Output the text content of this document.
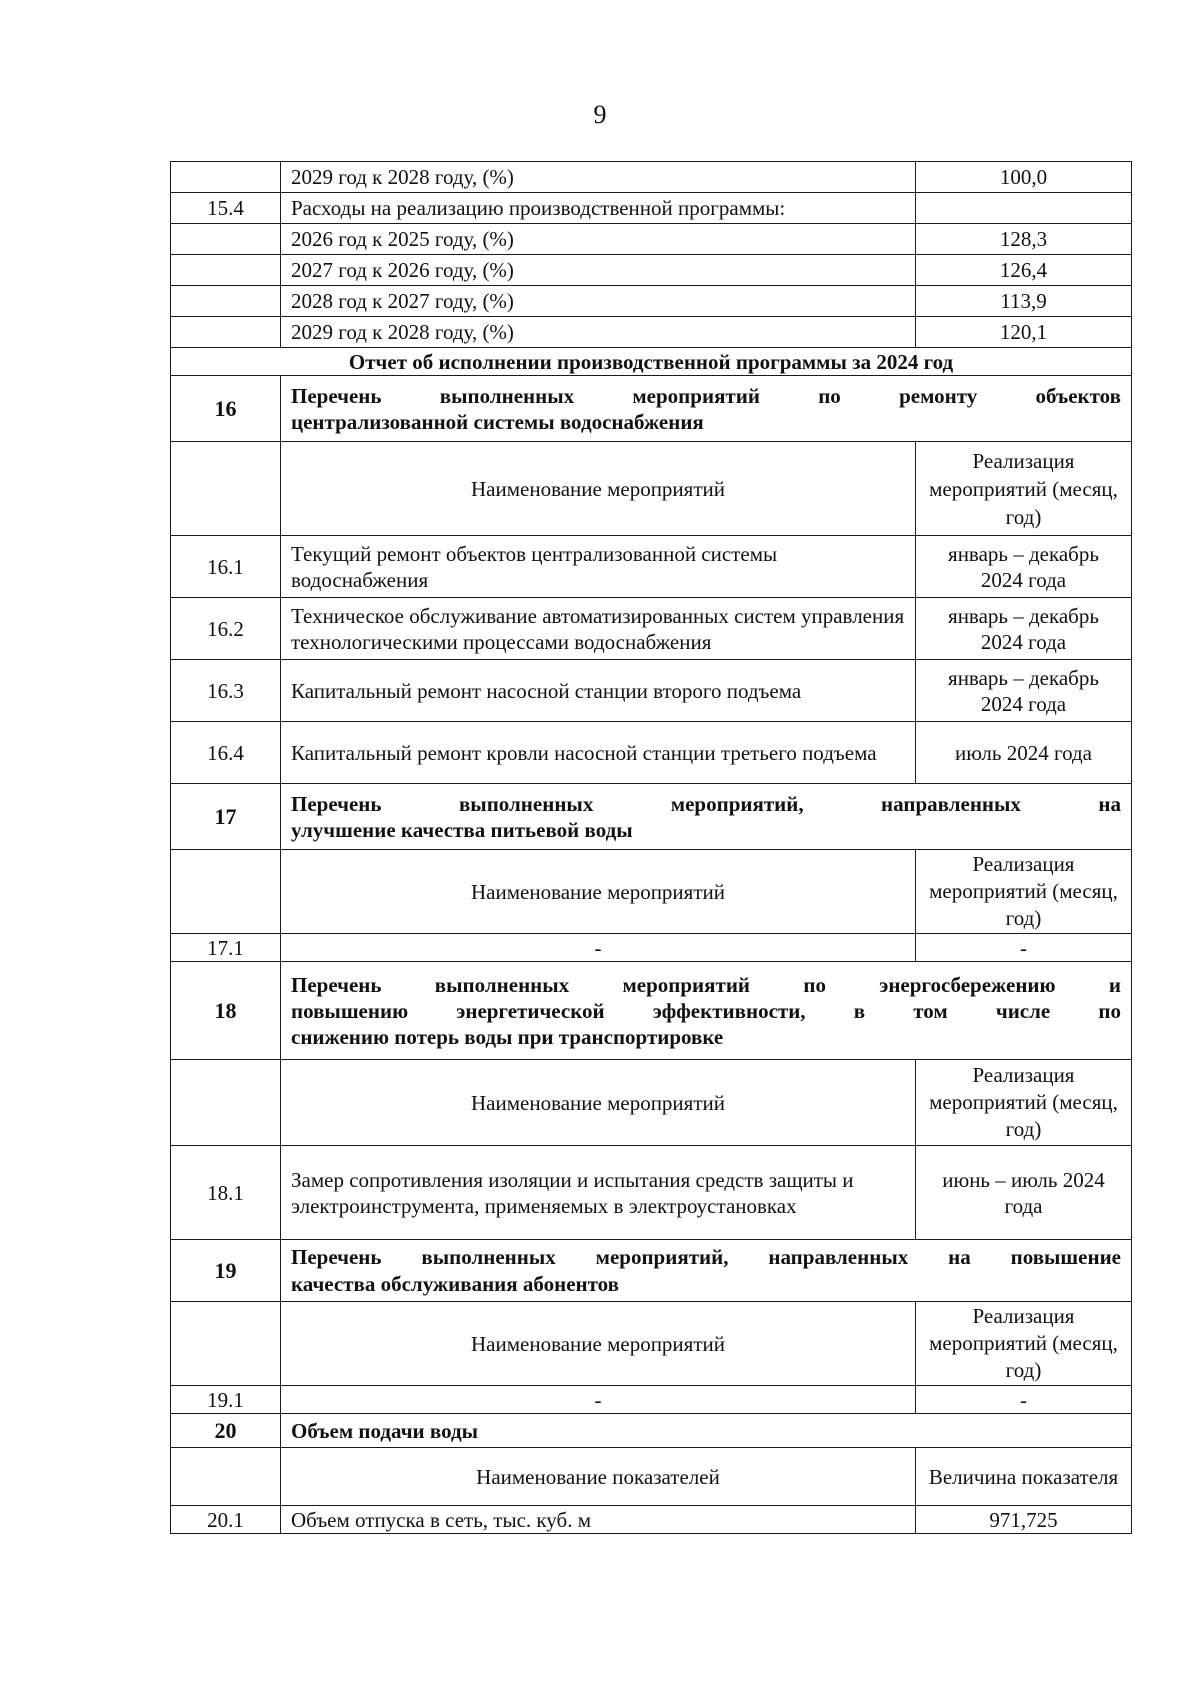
9
	2029 год к 2028 году, (%)	100,0
15.4	Расходы на реализацию производственной программы:	
	2026 год к 2025 году, (%)	128,3
	2027 год к 2026 году, (%)	126,4
	2028 год к 2027 году, (%)	113,9
	2029 год к 2028 году, (%)	120,1
Отчет об исполнении производственной программы за 2024 год		
16	Перечень выполненных мероприятий по ремонту объектов
централизованной системы водоснабжения	

	Наименование мероприятий	Реализация мероприятий (месяц, год)
16.1	Текущий ремонт объектов централизованной системы водоснабжения	январь – декабрь 2024 года
16.2	Техническое обслуживание автоматизированных систем управления технологическими процессами водоснабжения	январь – декабрь 2024 года
16.3	Капитальный ремонт насосной станции второго подъема	январь – декабрь 2024 года
16.4	Капитальный ремонт кровли насосной станции третьего подъема	июль 2024 года
17	Перечень выполненных мероприятий, направленных на
улучшение качества питьевой воды	

	Наименование мероприятий	Реализация мероприятий (месяц, год)
17.1	-	-
18	Перечень выполненных мероприятий по энергосбережению и
повышению энергетической эффективности, в том числе по
снижению потерь воды при транспортировке	

	Наименование мероприятий	Реализация мероприятий (месяц, год)
18.1	Замер сопротивления изоляции и испытания средств защиты и электроинструмента, применяемых в электроустановках	июнь – июль 2024 года
19	Перечень выполненных мероприятий, направленных на повышение
качества обслуживания абонентов	

	Наименование мероприятий	Реализация мероприятий (месяц, год)
19.1	-	-
20	Объем подачи воды	
	Наименование показателей	Величина показателя
20.1	Объем отпуска в сеть, тыс. куб. м	971,725
